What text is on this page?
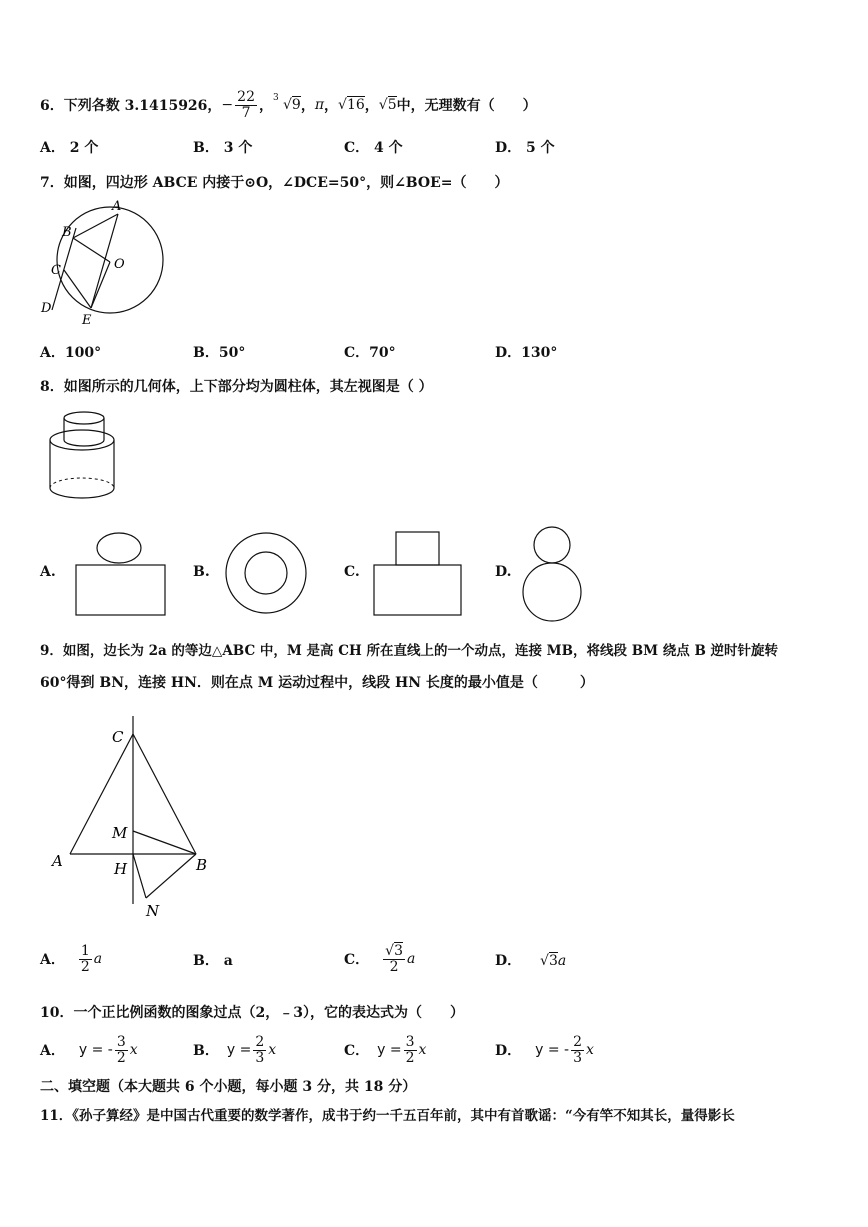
6．下列各数 3.1415926， − $\frac{22}{7}$ ， 3 √9 ， π ， √16 ， √5 中，无理数有（　　）
A． 2 个	B． 3 个	C． 4 个	D． 5 个
7．如图，四边形 ABCE 内接于⊙O，∠DCE=50°，则∠BOE=（　　）
A
B
C	O
D
E
A．100°	B．50°	C．70°	D．130°
8．如图所示的几何体，上下部分均为圆柱体，其左视图是（ ）
A.	B.	C.	D.
9．如图，边长为 2a 的等边△ABC 中，M 是高 CH 所在直线上的一个动点，连接 MB，将线段 BM 绕点 B 逆时针旋转
60°得到 BN，连接 HN．则在点 M 运动过程中，线段 HN 长度的最小值是（　　　）
C
M
A	H	B
N
A． $\frac{1}{2}$ a	B． a	C． $\frac{√3}{2}$ a	D． √3a
10．一个正比例函数的图象过点（2，﹣3），它的表达式为（　　）
A． y = - $\frac{3}{2}$ x	B． $y = \frac{2}{3}$ x	C． $y = \frac{3}{2}$ x	D． y = - $\frac{2}{3}$ x
二、填空题（本大题共 6 个小题，每小题 3 分，共 18 分）
11．《孙子算经》是中国古代重要的数学著作，成书于约一千五百年前，其中有首歌谣：“今有竿不知其长，量得影长
